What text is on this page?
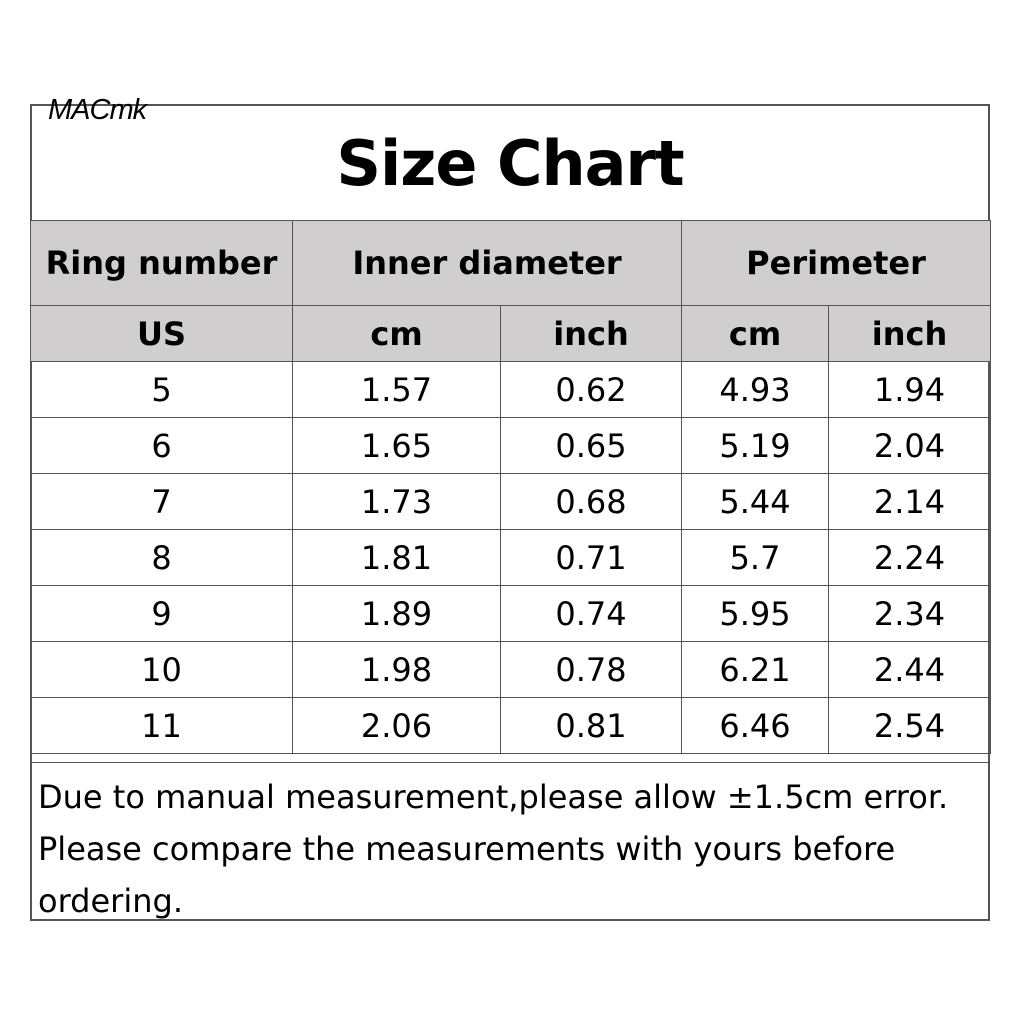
MACmk
Size Chart
Ring number	Inner diameter		Perimeter	
US	cm	inch	cm	inch
5	1.57	0.62	4.93	1.94
6	1.65	0.65	5.19	2.04
7	1.73	0.68	5.44	2.14
8	1.81	0.71	5.7	2.24
9	1.89	0.74	5.95	2.34
10	1.98	0.78	6.21	2.44
11	2.06	0.81	6.46	2.54
Due to manual measurement,please allow ±1.5cm error.
Please compare the measurements with yours before
ordering.
